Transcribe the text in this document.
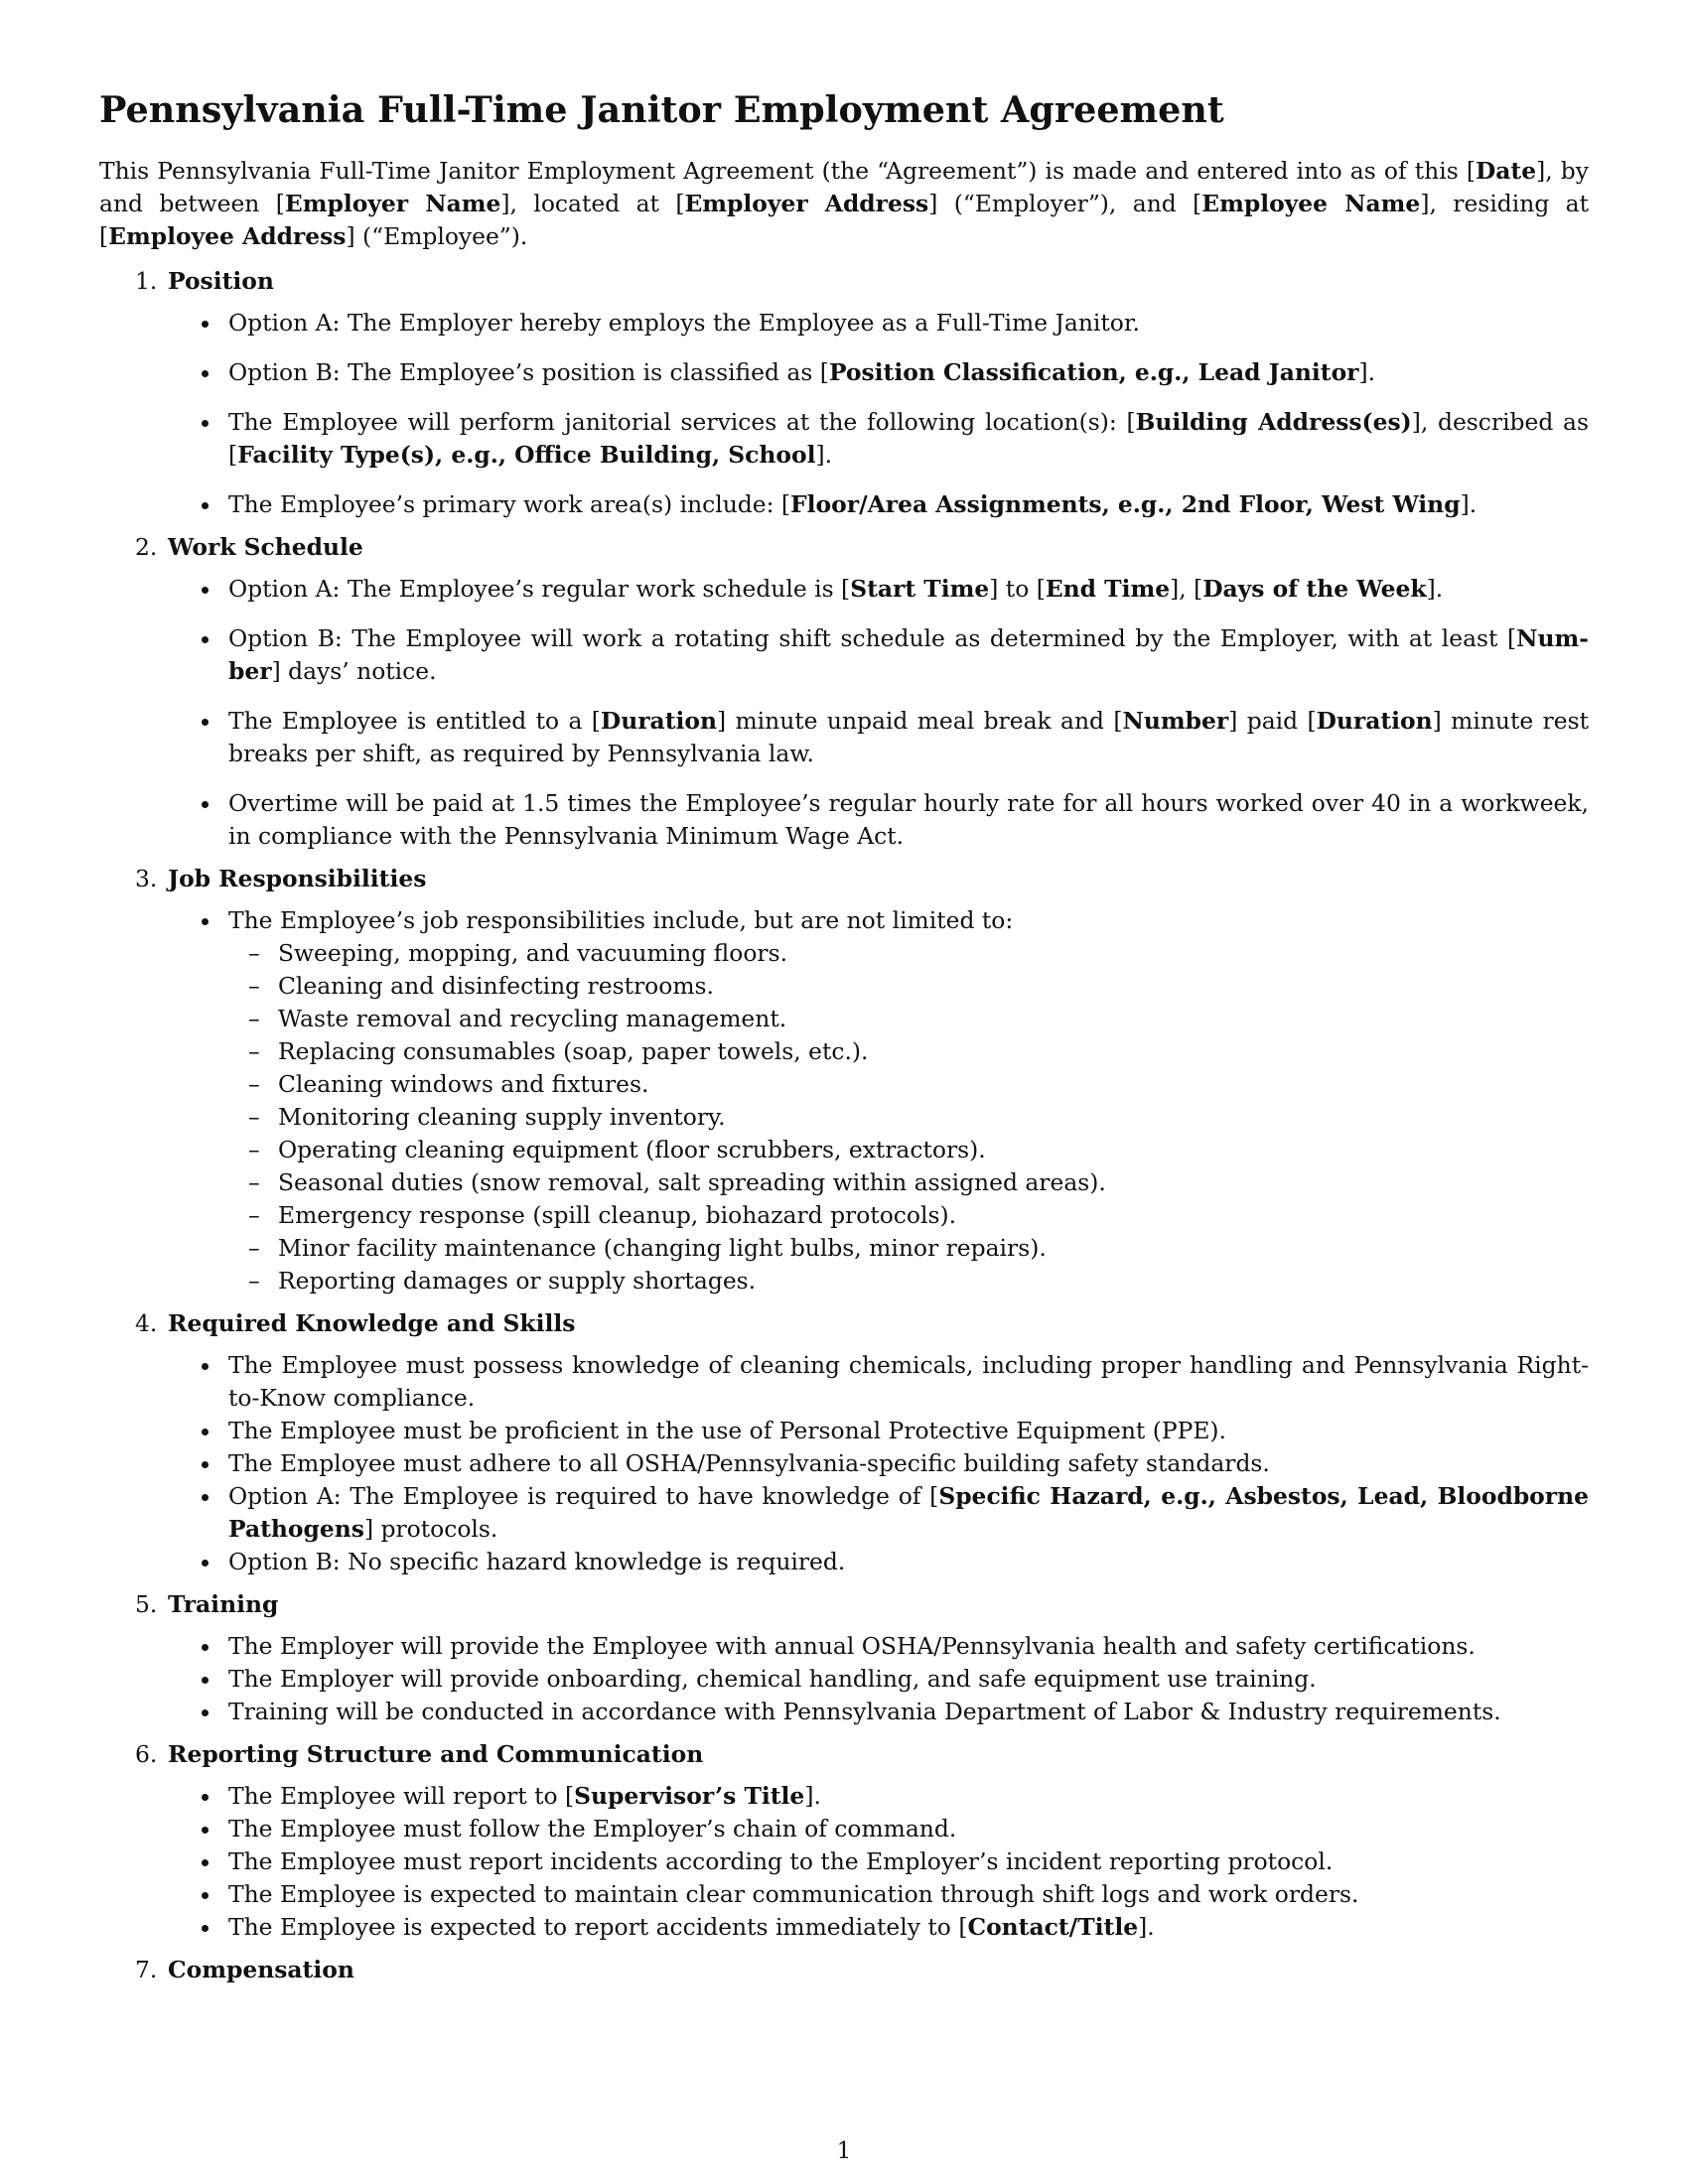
Pennsylvania Full-Time Janitor Employment Agreement

This Pennsylvania Full-Time Janitor Employment Agreement (the “Agreement”) is made and entered into as of this [Date], by and between [Employer Name], located at [Employer Address] (“Employer”), and [Employee Name], residing at [Employee Address] (“Employee”).

1. Position
Option A: The Employer hereby employs the Employee as a Full-Time Janitor.
Option B: The Employee’s position is classified as [Position Classification, e.g., Lead Janitor].
The Employee will perform janitorial services at the following location(s): [Building Address(es)], described as [Facility Type(s), e.g., Office Building, School].
The Employee’s primary work area(s) include: [Floor/Area Assignments, e.g., 2nd Floor, West Wing].
2. Work Schedule
Option A: The Employee’s regular work schedule is [Start Time] to [End Time], [Days of the Week].
Option B: The Employee will work a rotating shift schedule as determined by the Employer, with at least [Number] days’ notice.
The Employee is entitled to a [Duration] minute unpaid meal break and [Number] paid [Duration] minute rest breaks per shift, as required by Pennsylvania law.
Overtime will be paid at 1.5 times the Employee’s regular hourly rate for all hours worked over 40 in a workweek, in compliance with the Pennsylvania Minimum Wage Act.
3. Job Responsibilities
The Employee’s job responsibilities include, but are not limited to:
– Sweeping, mopping, and vacuuming floors.
– Cleaning and disinfecting restrooms.
– Waste removal and recycling management.
– Replacing consumables (soap, paper towels, etc.).
– Cleaning windows and fixtures.
– Monitoring cleaning supply inventory.
– Operating cleaning equipment (floor scrubbers, extractors).
– Seasonal duties (snow removal, salt spreading within assigned areas).
– Emergency response (spill cleanup, biohazard protocols).
– Minor facility maintenance (changing light bulbs, minor repairs).
– Reporting damages or supply shortages.
4. Required Knowledge and Skills
The Employee must possess knowledge of cleaning chemicals, including proper handling and Pennsylvania Right-to-Know compliance.
The Employee must be proficient in the use of Personal Protective Equipment (PPE).
The Employee must adhere to all OSHA/Pennsylvania-specific building safety standards.
Option A: The Employee is required to have knowledge of [Specific Hazard, e.g., Asbestos, Lead, Bloodborne Pathogens] protocols.
Option B: No specific hazard knowledge is required.
5. Training
The Employer will provide the Employee with annual OSHA/Pennsylvania health and safety certifications.
The Employer will provide onboarding, chemical handling, and safe equipment use training.
Training will be conducted in accordance with Pennsylvania Department of Labor & Industry requirements.
6. Reporting Structure and Communication
The Employee will report to [Supervisor’s Title].
The Employee must follow the Employer’s chain of command.
The Employee must report incidents according to the Employer’s incident reporting protocol.
The Employee is expected to maintain clear communication through shift logs and work orders.
The Employee is expected to report accidents immediately to [Contact/Title].
7. Compensation
1
